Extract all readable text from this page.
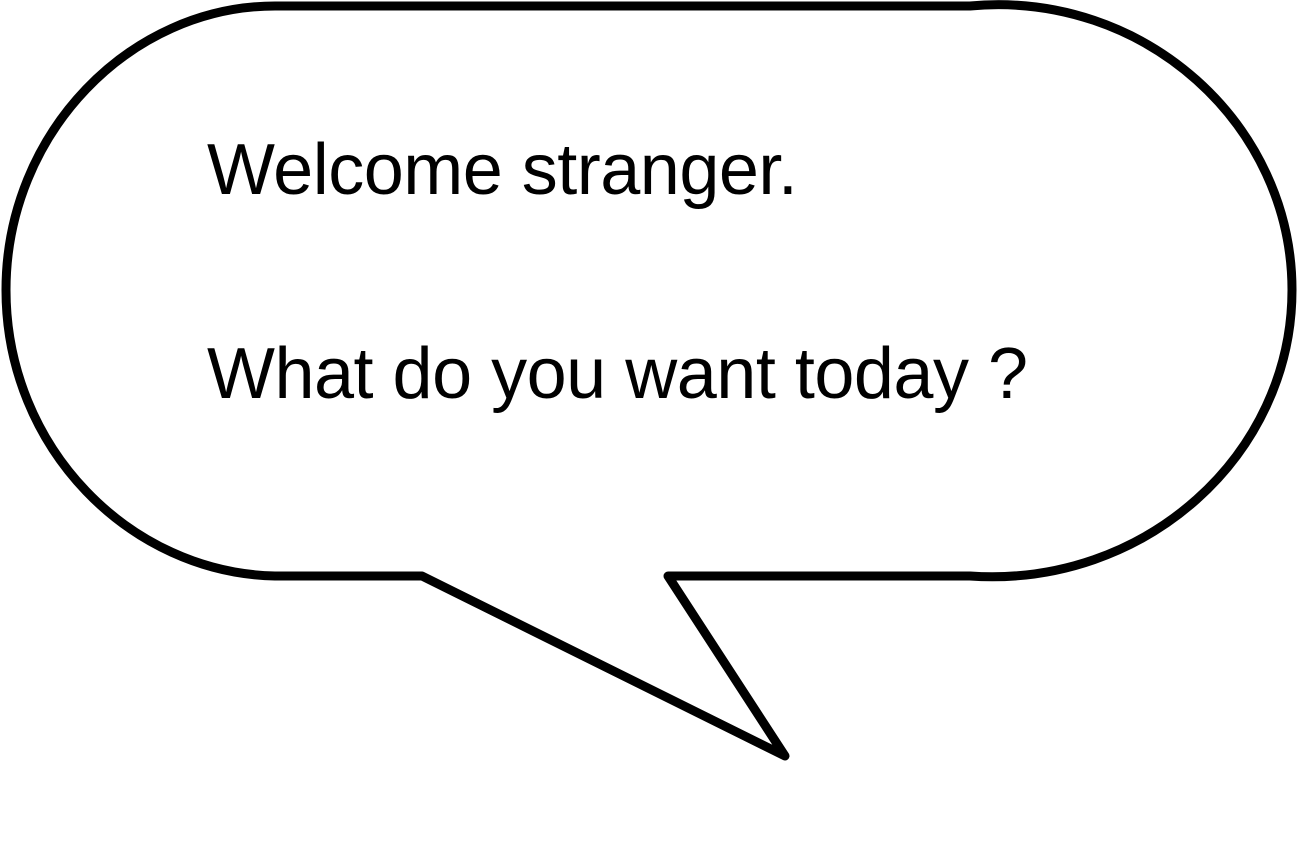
Welcome stranger.

What do you want today ?
